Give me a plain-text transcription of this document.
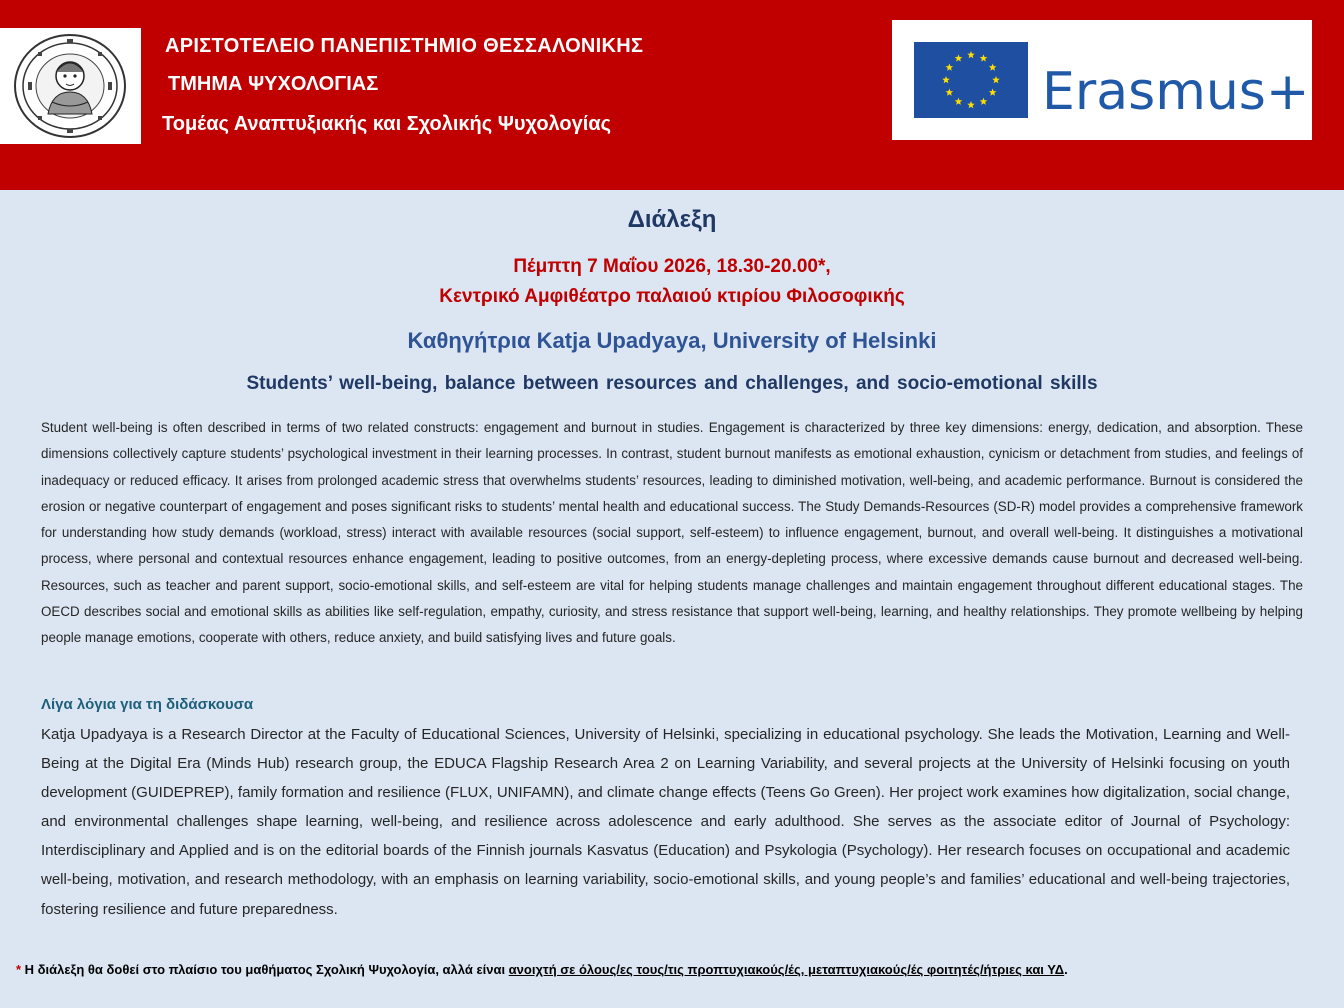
ΑΡΙΣΤΟΤΕΛΕΙΟ ΠΑΝΕΠΙΣΤΗΜΙΟ ΘΕΣΣΑΛΟΝΙΚΗΣ
ΤΜΗΜΑ ΨΥΧΟΛΟΓΙΑΣ
Τομέας Αναπτυξιακής και Σχολικής Ψυχολογίας
Erasmus+
Διάλεξη
Πέμπτη 7 Μαΐου 2026, 18.30-20.00*,
Κεντρικό Αμφιθέατρο παλαιού κτιρίου Φιλοσοφικής
Καθηγήτρια Katja Upadyaya, University of Helsinki
Students’ well-being, balance between resources and challenges, and socio-emotional skills
Student well-being is often described in terms of two related constructs: engagement and burnout in studies. Engagement is characterized by three key dimensions: energy, dedication, and absorption. These dimensions collectively capture students’ psychological investment in their learning processes. In contrast, student burnout manifests as emotional exhaustion, cynicism or detachment from studies, and feelings of inadequacy or reduced efficacy. It arises from prolonged academic stress that overwhelms students’ resources, leading to diminished motivation, well-being, and academic performance. Burnout is considered the erosion or negative counterpart of engagement and poses significant risks to students’ mental health and educational success. The Study Demands-Resources (SD-R) model provides a comprehensive framework for understanding how study demands (workload, stress) interact with available resources (social support, self-esteem) to influence engagement, burnout, and overall well-being. It distinguishes a motivational process, where personal and contextual resources enhance engagement, leading to positive outcomes, from an energy-depleting process, where excessive demands cause burnout and decreased well-being. Resources, such as teacher and parent support, socio-emotional skills, and self-esteem are vital for helping students manage challenges and maintain engagement throughout different educational stages. The OECD describes social and emotional skills as abilities like self-regulation, empathy, curiosity, and stress resistance that support well-being, learning, and healthy relationships. They promote wellbeing by helping people manage emotions, cooperate with others, reduce anxiety, and build satisfying lives and future goals.
Λίγα λόγια για τη διδάσκουσα
Katja Upadyaya is a Research Director at the Faculty of Educational Sciences, University of Helsinki, specializing in educational psychology. She leads the Motivation, Learning and Well-Being at the Digital Era (Minds Hub) research group, the EDUCA Flagship Research Area 2 on Learning Variability, and several projects at the University of Helsinki focusing on youth development (GUIDEPREP), family formation and resilience (FLUX, UNIFAMN), and climate change effects (Teens Go Green). Her project work examines how digitalization, social change, and environmental challenges shape learning, well-being, and resilience across adolescence and early adulthood. She serves as the associate editor of Journal of Psychology: Interdisciplinary and Applied and is on the editorial boards of the Finnish journals Kasvatus (Education) and Psykologia (Psychology). Her research focuses on occupational and academic well-being, motivation, and research methodology, with an emphasis on learning variability, socio-emotional skills, and young people’s and families’ educational and well-being trajectories, fostering resilience and future preparedness.
* Η διάλεξη θα δοθεί στο πλαίσιο του μαθήματος Σχολική Ψυχολογία, αλλά είναι ανοιχτή σε όλους/ες τους/τις προπτυχιακούς/ές, μεταπτυχιακούς/ές φοιτητές/ήτριες και ΥΔ.
